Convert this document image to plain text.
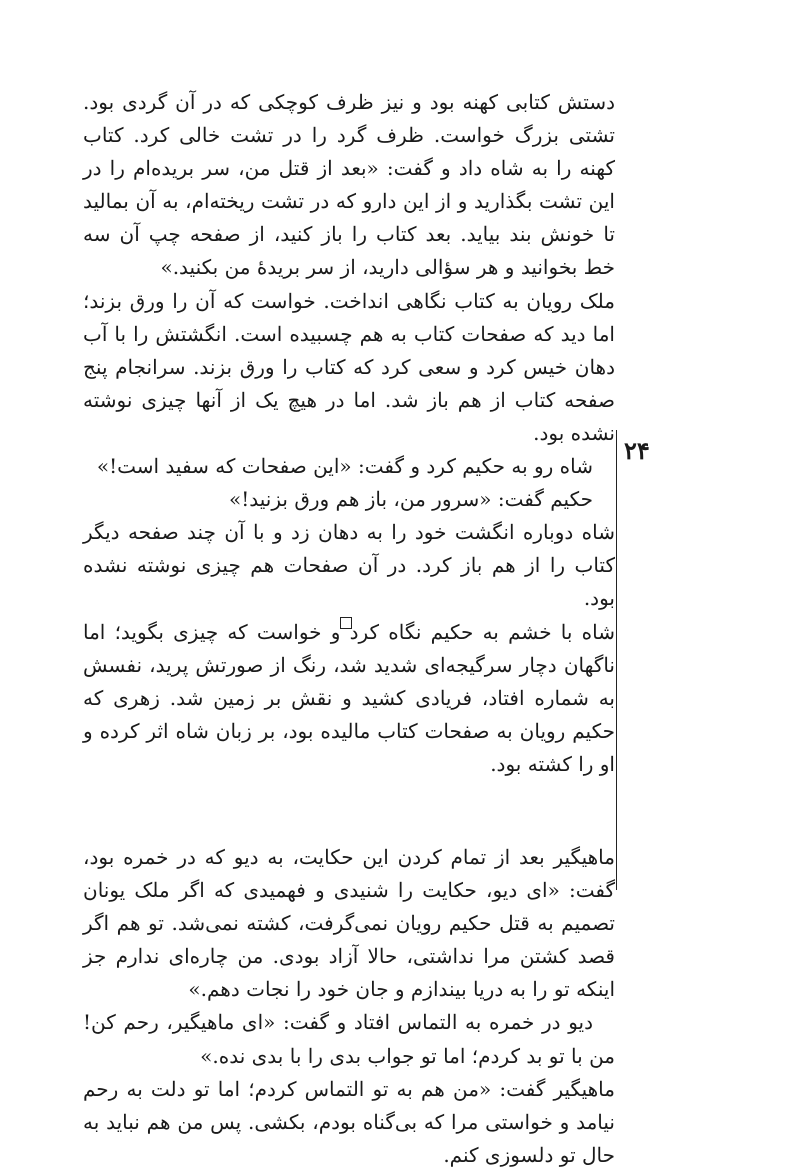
دستش کتابی کهنه بود و نیز ظرف کوچکی که در آن گردی بود. تشتی بزرگ خواست. ظرف گرد را در تشت خالی کرد. کتاب کهنه را به شاه داد و گفت: «بعد از قتل من، سر بریده‌ام را در این تشت بگذارید و از این دارو که در تشت ریخته‌ام، به آن بمالید تا خونش بند بیاید. بعد کتاب را باز کنید، از صفحه چپ آن سه خط بخوانید و هر سؤالی دارید، از سر بریدهٔ من بکنید.»

ملک رویان به کتاب نگاهی انداخت. خواست که آن را ورق بزند؛ اما دید که صفحات کتاب به هم چسبیده است. انگشتش را با آب دهان خیس کرد و سعی کرد که کتاب را ورق بزند. سرانجام پنج صفحه کتاب از هم باز شد. اما در هیچ یک از آنها چیزی نوشته نشده بود.

شاه رو به حکیم کرد و گفت: «این صفحات که سفید است!»

حکیم گفت: «سرور من، باز هم ورق بزنید!»

شاه دوباره انگشت خود را به دهان زد و با آن چند صفحه دیگر کتاب را از هم باز کرد. در آن صفحات هم چیزی نوشته نشده بود.

شاه با خشم به حکیم نگاه کرد و خواست که چیزی بگوید؛ اما ناگهان دچار سرگیجه‌ای شدید شد، رنگ از صورتش پرید، نفسش به شماره افتاد، فریادی کشید و نقش بر زمین شد. زهری که حکیم رویان به صفحات کتاب مالیده بود، بر زبان شاه اثر کرده و او را کشته بود.

ماهیگیر بعد از تمام کردن این حکایت، به دیو که در خمره بود، گفت: «ای دیو، حکایت را شنیدی و فهمیدی که اگر ملک یونان تصمیم به قتل حکیم رویان نمی‌گرفت، کشته نمی‌شد. تو هم اگر قصد کشتن مرا نداشتی، حالا آزاد بودی. من چاره‌ای ندارم جز اینکه تو را به دریا بیندازم و جان خود را نجات دهم.»

دیو در خمره به التماس افتاد و گفت: «ای ماهیگیر، رحم کن! من با تو بد کردم؛ اما تو جواب بدی را با بدی نده.»

ماهیگیر گفت: «من هم به تو التماس کردم؛ اما تو دلت به رحم نیامد و خواستی مرا که بی‌گناه بودم، بکشی. پس من هم نباید به حال تو دلسوزی کنم.

۲۴
